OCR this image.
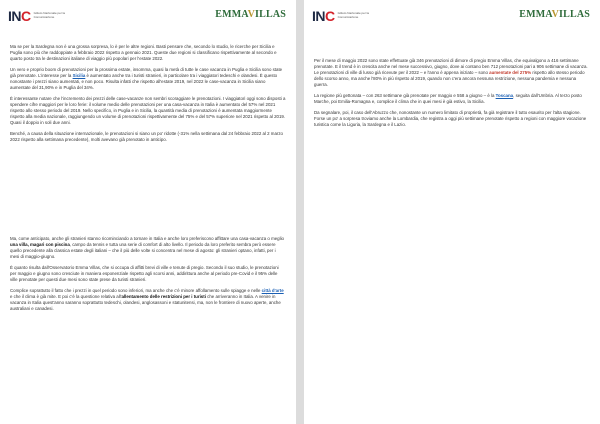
INC Istituto Nazionale per la Comunicazione	EMMAVILLAS

Ma se per la Sardegna non è una grossa sorpresa, lo è per le altre regioni. Basti pensare che, secondo lo studio, le ricerche per Sicilia e Puglia sono più che raddoppiate a febbraio 2022 rispetto a gennaio 2021. Queste due regioni si classificano rispettivamente al secondo e quarto posto tra le destinazioni italiane di viaggio più popolari per l'estate 2022.

Un vero e proprio boom di prenotazioni per la prossima estate, insomma, quasi la metà di tutte le case vacanza in Puglia e Sicilia sono state già prenotate. L'interesse per la Sicilia è aumentato anche tra i turisti stranieri, in particolare tra i viaggiatori tedeschi e olandesi. È questo nonostante i prezzi siano aumentati, e non poco. Risulta infatti che rispetto all'estate 2019, nel 2022 le case-vacanza in Sicilia siano aumentate del 31,90% e in Puglia del 34%.

È interessante notare che l'incremento dei prezzi delle case-vacanze non sembri scoraggiare le prenotazioni. I viaggiatori oggi sono disposti a spendere cifre maggiori per le loro ferie: il volume medio delle prenotazioni per una casa-vacanza in Italia è aumentato del 57% nel 2021 rispetto allo stesso periodo del 2019. Nello specifico, in Puglia e in Sicilia, la quantità media di prenotazioni è aumentata maggiormente rispetto alla media nazionale, raggiungendo un volume di prenotazioni rispettivamente del 75% e del 57% superiore nel 2021 rispetto al 2019. Quasi il doppio in soli due anni.

Benché, a causa della situazione internazionale, le prenotazioni si siano un po' ridotte (-31% nella settimana dal 24 febbraio 2022 al 2 marzo 2022 rispetto alla settimana precedente), molti avevano già prenotato in anticipo.

Ma, come anticipato, anche gli stranieri stanno ricominciando a tornare in Italia e anche loro preferiscono affittare una casa-vacanza o meglio una villa, magari con piscina, campo da tennis e tutta una serie di comfort di alto livello. Il periodo da loro preferito sembra però essere quello precedente alla classica estate degli italiani – che il più delle volte si concentra nel mese di agosto: gli stranieri optano, infatti, per i mesi di maggio-giugno.

È quanto risulta dall'Osservatorio Emma Villas, che si occupa di affitti brevi di ville e tenute di pregio. Secondo il suo studio, le prenotazioni per maggio e giugno sono cresciute in maniera esponenziale rispetto agli scorsi anni, addirittura anche al periodo pre-Covid e il 95% delle ville prenotate per questi due mesi sono state prese da turisti stranieri.

Complice soprattutto il fatto che i prezzi in quel periodo sono inferiori, ma anche che c'è minore affollamento sulle spiagge e nelle città d'arte e che il clima è già mite. E poi c'è la questione relativa all'allentamento delle restrizioni per i turisti che arriveranno in Italia. A venire in vacanza in Italia quest'anno saranno soprattutto tedeschi, olandesi, anglosassoni e statunitensi, ma, non le frontiere di nuovo aperte, anche australiani e canadesi.

INC Istituto Nazionale per la Comunicazione	EMMAVILLAS

Per il mese di maggio 2022 sono state effettuate già 346 prenotazioni di dimore di pregio Emma Villas, che equivalgono a 416 settimane prenotate. E il trend è in crescita anche nel mese successivo, giugno, dove ai contano ben 712 prenotazioni pari a 906 settimane di vacanza. Le prenotazioni di ville di lusso già ricevute per il 2022 – e l'anno è appena iniziato – sono aumentate del 275% rispetto allo stesso periodo dello scorso anno, ma anche l'80% in più rispetto al 2019, quando non c'era ancora nessuna restrizione, nessuna pandemia e nessuna guerra.

La regione più gettonata – con 263 settimane già prenotate per maggio e 558 a giugno – è la Toscana, seguita dall'Umbria. Al terzo posto Marche, poi Emilia-Romagna e, complice il clima che in quei mesi è già estivo, la Sicilia.

Da segnalare, poi, il caso dell'Abruzzo che, nonostante un numero limitato di proprietà, fa già registrare il tutto esaurito per l'alta stagione. Forse un po' a sorpresa troviamo anche la Lombardia, che registra a oggi più settimane prenotate rispetto a regioni con maggiore vocazione turistica come la Liguria, la Sardegna e il Lazio.
